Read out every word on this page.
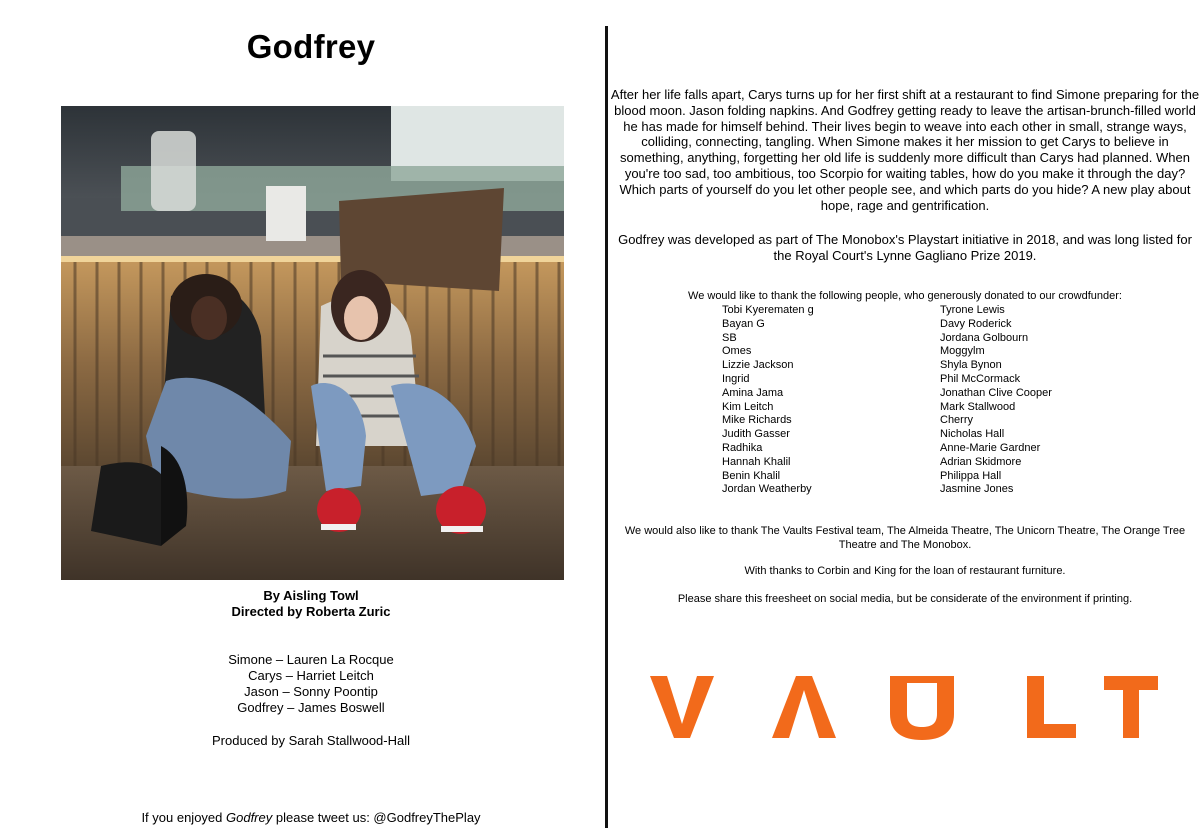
Godfrey
By Aisling Towl
Directed by Roberta Zuric
Simone – Lauren La Rocque
Carys – Harriet Leitch
Jason – Sonny Poontip
Godfrey – James Boswell
Produced by Sarah Stallwood-Hall
If you enjoyed Godfrey please tweet us: @GodfreyThePlay
After her life falls apart, Carys turns up for her first shift at a restaurant to find Simone preparing for the blood moon. Jason folding napkins. And Godfrey getting ready to leave the artisan-brunch-filled world he has made for himself behind. Their lives begin to weave into each other in small, strange ways, colliding, connecting, tangling. When Simone makes it her mission to get Carys to believe in something, anything, forgetting her old life is suddenly more difficult than Carys had planned. When you're too sad, too ambitious, too Scorpio for waiting tables, how do you make it through the day? Which parts of yourself do you let other people see, and which parts do you hide? A new play about hope, rage and gentrification.
Godfrey was developed as part of The Monobox's Playstart initiative in 2018, and was long listed for the Royal Court's Lynne Gagliano Prize 2019.
We would like to thank the following people, who generously donated to our crowdfunder:
Tobi Kyerematen g
Bayan G
SB
Omes
Lizzie Jackson
Ingrid
Amina Jama
Kim Leitch
Mike Richards
Judith Gasser
Radhika
Hannah Khalil
Benin Khalil
Jordan Weatherby
Tyrone Lewis
Davy Roderick
Jordana Golbourn
Moggylm
Shyla Bynon
Phil McCormack
Jonathan Clive Cooper
Mark Stallwood
Cherry
Nicholas Hall
Anne-Marie Gardner
Adrian Skidmore
Philippa Hall
Jasmine Jones
We would also like to thank The Vaults Festival team, The Almeida Theatre, The Unicorn Theatre, The Orange Tree Theatre and The Monobox.
With thanks to Corbin and King for the loan of restaurant furniture.
Please share this freesheet on social media, but be considerate of the environment if printing.
